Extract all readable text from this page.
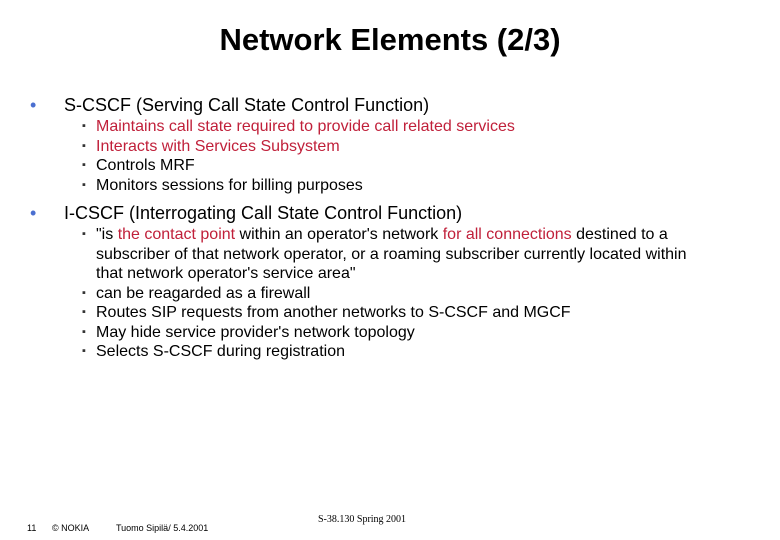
Network Elements (2/3)
• S-CSCF (Serving Call State Control Function)
▪ Maintains call state required to provide call related services
▪ Interacts with Services Subsystem
▪ Controls MRF
▪ Monitors sessions for billing purposes
• I-CSCF (Interrogating Call State Control Function)
▪ "is the contact point within an operator's network for all connections destined to a subscriber of that network operator, or a roaming subscriber currently located within that network operator's service area"
▪ can be reagarded as a firewall
▪ Routes SIP requests from another networks to S-CSCF and MGCF
▪ May hide service provider's network topology
▪ Selects S-CSCF during registration
11 © NOKIA	Tuomo Sipilä/ 5.4.2001
S-38.130 Spring 2001
